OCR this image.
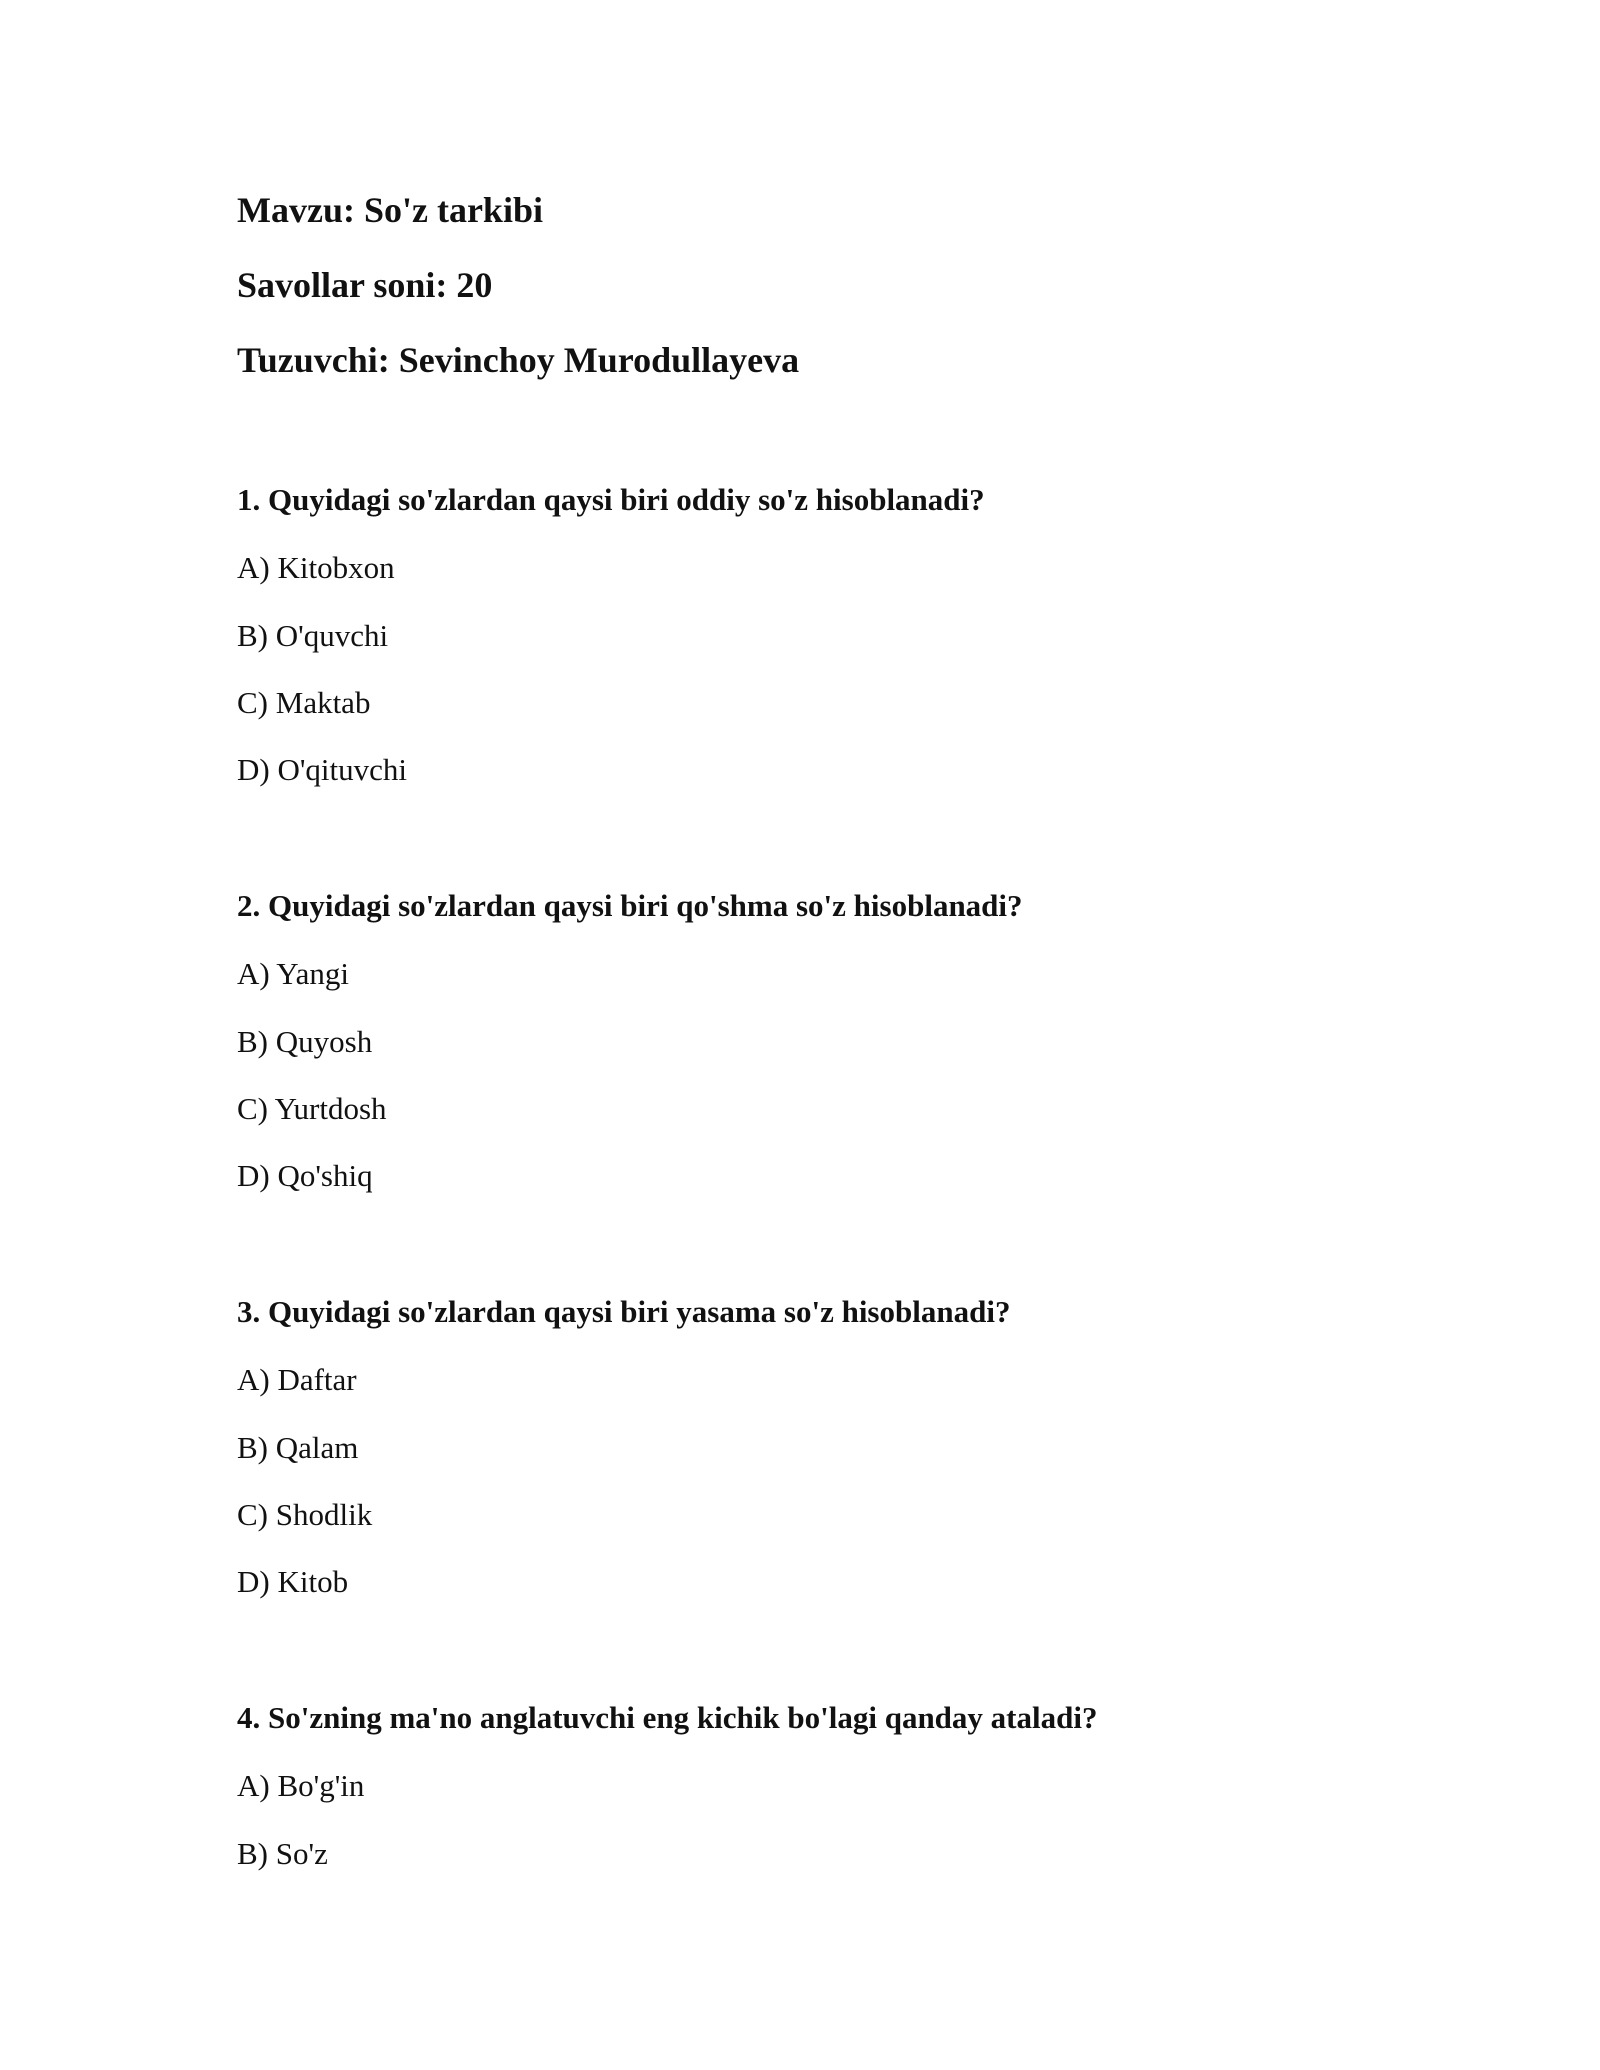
Mavzu: So'z tarkibi
Savollar soni: 20
Tuzuvchi: Sevinchoy Murodullayeva
1. Quyidagi so'zlardan qaysi biri oddiy so'z hisoblanadi?
A) Kitobxon
B) O'quvchi
C) Maktab
D) O'qituvchi
2. Quyidagi so'zlardan qaysi biri qo'shma so'z hisoblanadi?
A) Yangi
B) Quyosh
C) Yurtdosh
D) Qo'shiq
3. Quyidagi so'zlardan qaysi biri yasama so'z hisoblanadi?
A) Daftar
B) Qalam
C) Shodlik
D) Kitob
4. So'zning ma'no anglatuvchi eng kichik bo'lagi qanday ataladi?
A) Bo'g'in
B) So'z
